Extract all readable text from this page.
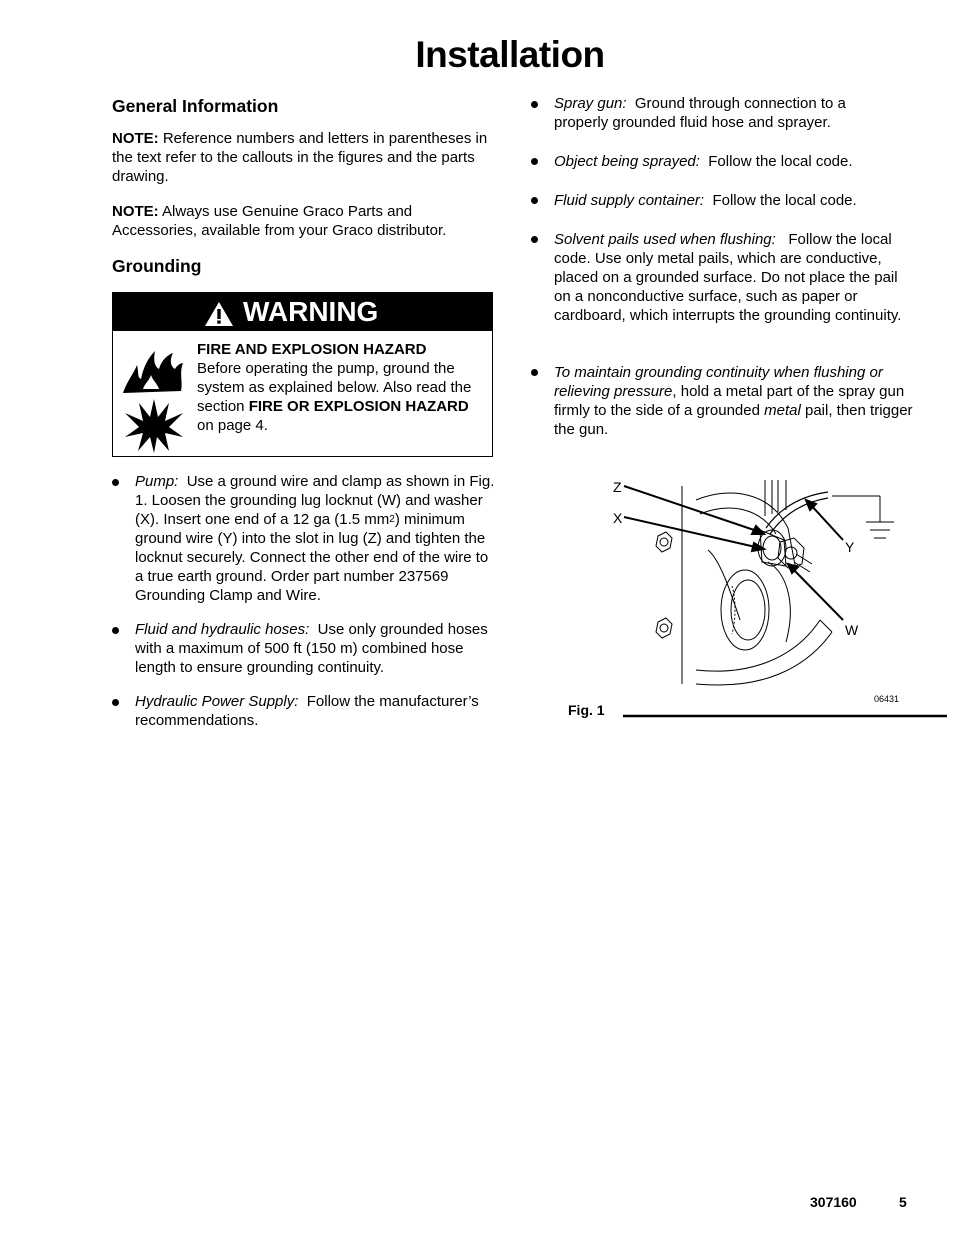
Installation
General Information
NOTE: Reference numbers and letters in parentheses in the text refer to the callouts in the figures and the parts drawing.
NOTE: Always use Genuine Graco Parts and Accessories, available from your Graco distributor.
Grounding
WARNING
FIRE AND EXPLOSION HAZARD
Before operating the pump, ground the system as explained below. Also read the section FIRE OR EXPLOSION HAZARD on page 4.
Pump: Use a ground wire and clamp as shown in Fig. 1. Loosen the grounding lug locknut (W) and washer (X). Insert one end of a 12 ga (1.5 $mm^2$) minimum ground wire (Y) into the slot in lug (Z) and tighten the locknut securely. Connect the other end of the wire to a true earth ground. Order part number 237569 Grounding Clamp and Wire.
Fluid and hydraulic hoses: Use only grounded hoses with a maximum of 500 ft (150 m) combined hose length to ensure grounding continuity.
Hydraulic Power Supply: Follow the manufacturer’s recommendations.
Spray gun: Ground through connection to a properly grounded fluid hose and sprayer.
Object being sprayed: Follow the local code.
Fluid supply container: Follow the local code.
Solvent pails used when flushing: Follow the local code. Use only metal pails, which are conductive, placed on a grounded surface. Do not place the pail on a nonconductive surface, such as paper or cardboard, which interrupts the grounding continuity.
To maintain grounding continuity when flushing or relieving pressure, hold a metal part of the spray gun firmly to the side of a grounded metal pail, then trigger the gun.
Z
X
Y
W
06431
Fig. 1
307160	5
